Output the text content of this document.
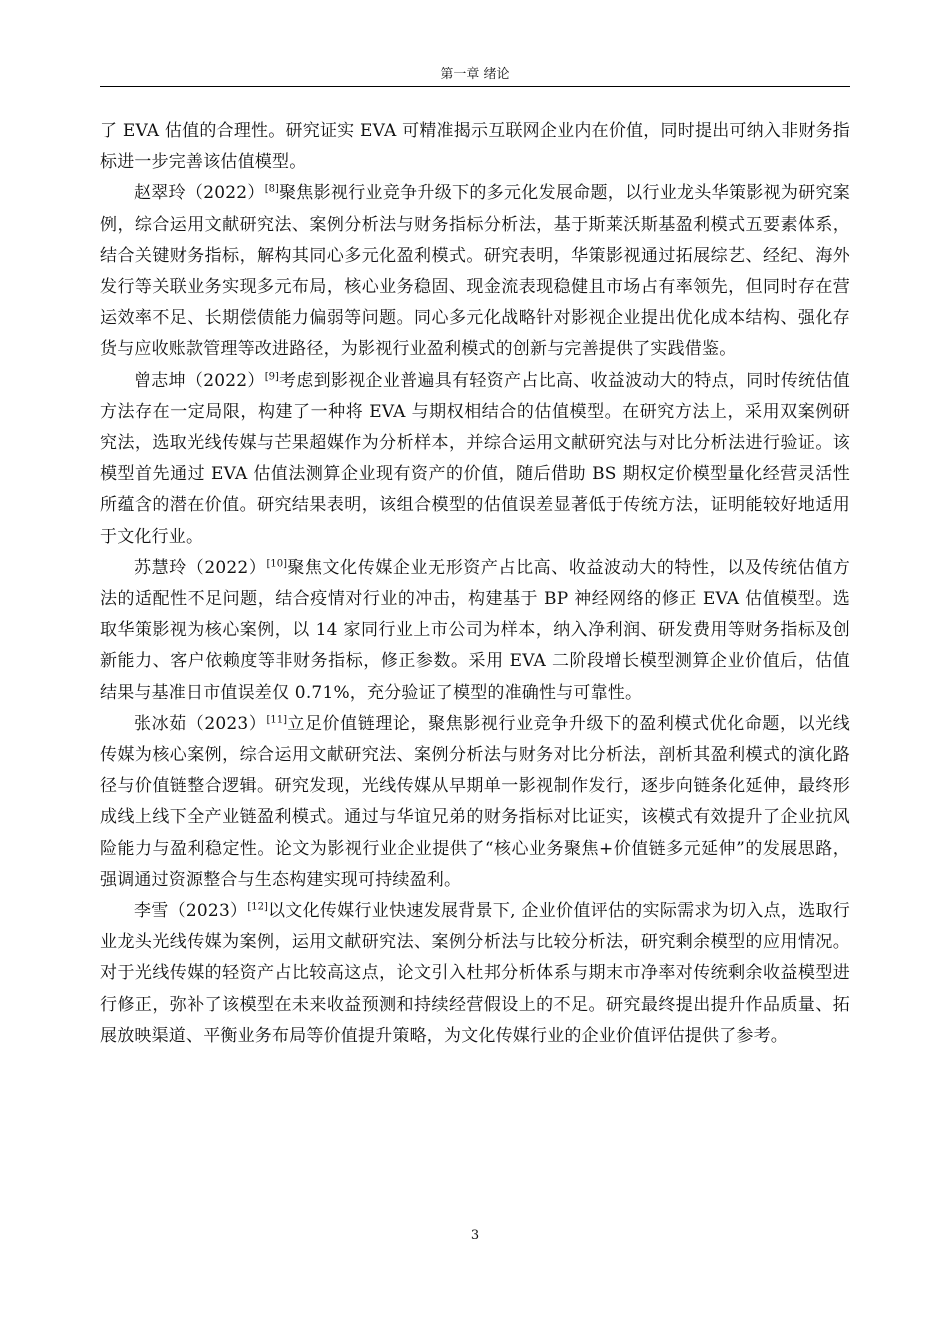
第一章 绪论

了 EVA 估值的合理性。研究证实 EVA 可精准揭示互联网企业内在价值，同时提出可纳入非财务指标进一步完善该估值模型。

赵翠玲（2022）[8]聚焦影视行业竞争升级下的多元化发展命题，以行业龙头华策影视为研究案例，综合运用文献研究法、案例分析法与财务指标分析法，基于斯莱沃斯基盈利模式五要素体系，结合关键财务指标，解构其同心多元化盈利模式。研究表明，华策影视通过拓展综艺、经纪、海外发行等关联业务实现多元布局，核心业务稳固、现金流表现稳健且市场占有率领先，但同时存在营运效率不足、长期偿债能力偏弱等问题。同心多元化战略针对影视企业提出优化成本结构、强化存货与应收账款管理等改进路径，为影视行业盈利模式的创新与完善提供了实践借鉴。

曾志坤（2022）[9]考虑到影视企业普遍具有轻资产占比高、收益波动大的特点，同时传统估值方法存在一定局限，构建了一种将 EVA 与期权相结合的估值模型。在研究方法上，采用双案例研究法，选取光线传媒与芒果超媒作为分析样本，并综合运用文献研究法与对比分析法进行验证。该模型首先通过 EVA 估值法测算企业现有资产的价值，随后借助 BS 期权定价模型量化经营灵活性所蕴含的潜在价值。研究结果表明，该组合模型的估值误差显著低于传统方法，证明能较好地适用于文化行业。

苏慧玲（2022）[10]聚焦文化传媒企业无形资产占比高、收益波动大的特性，以及传统估值方法的适配性不足问题，结合疫情对行业的冲击，构建基于 BP 神经网络的修正 EVA 估值模型。选取华策影视为核心案例，以 14 家同行业上市公司为样本，纳入净利润、研发费用等财务指标及创新能力、客户依赖度等非财务指标，修正参数。采用 EVA 二阶段增长模型测算企业价值后，估值结果与基准日市值误差仅 0.71%，充分验证了模型的准确性与可靠性。

张冰茹（2023）[11]立足价值链理论，聚焦影视行业竞争升级下的盈利模式优化命题，以光线传媒为核心案例，综合运用文献研究法、案例分析法与财务对比分析法，剖析其盈利模式的演化路径与价值链整合逻辑。研究发现，光线传媒从早期单一影视制作发行，逐步向链条化延伸，最终形成线上线下全产业链盈利模式。通过与华谊兄弟的财务指标对比证实，该模式有效提升了企业抗风险能力与盈利稳定性。论文为影视行业企业提供了“核心业务聚焦+价值链多元延伸”的发展思路，强调通过资源整合与生态构建实现可持续盈利。

李雪（2023）[12]以文化传媒行业快速发展背景下, 企业价值评估的实际需求为切入点，选取行业龙头光线传媒为案例，运用文献研究法、案例分析法与比较分析法，研究剩余模型的应用情况。对于光线传媒的轻资产占比较高这点，论文引入杜邦分析体系与期末市净率对传统剩余收益模型进行修正，弥补了该模型在未来收益预测和持续经营假设上的不足。研究最终提出提升作品质量、拓展放映渠道、平衡业务布局等价值提升策略，为文化传媒行业的企业价值评估提供了参考。

3
